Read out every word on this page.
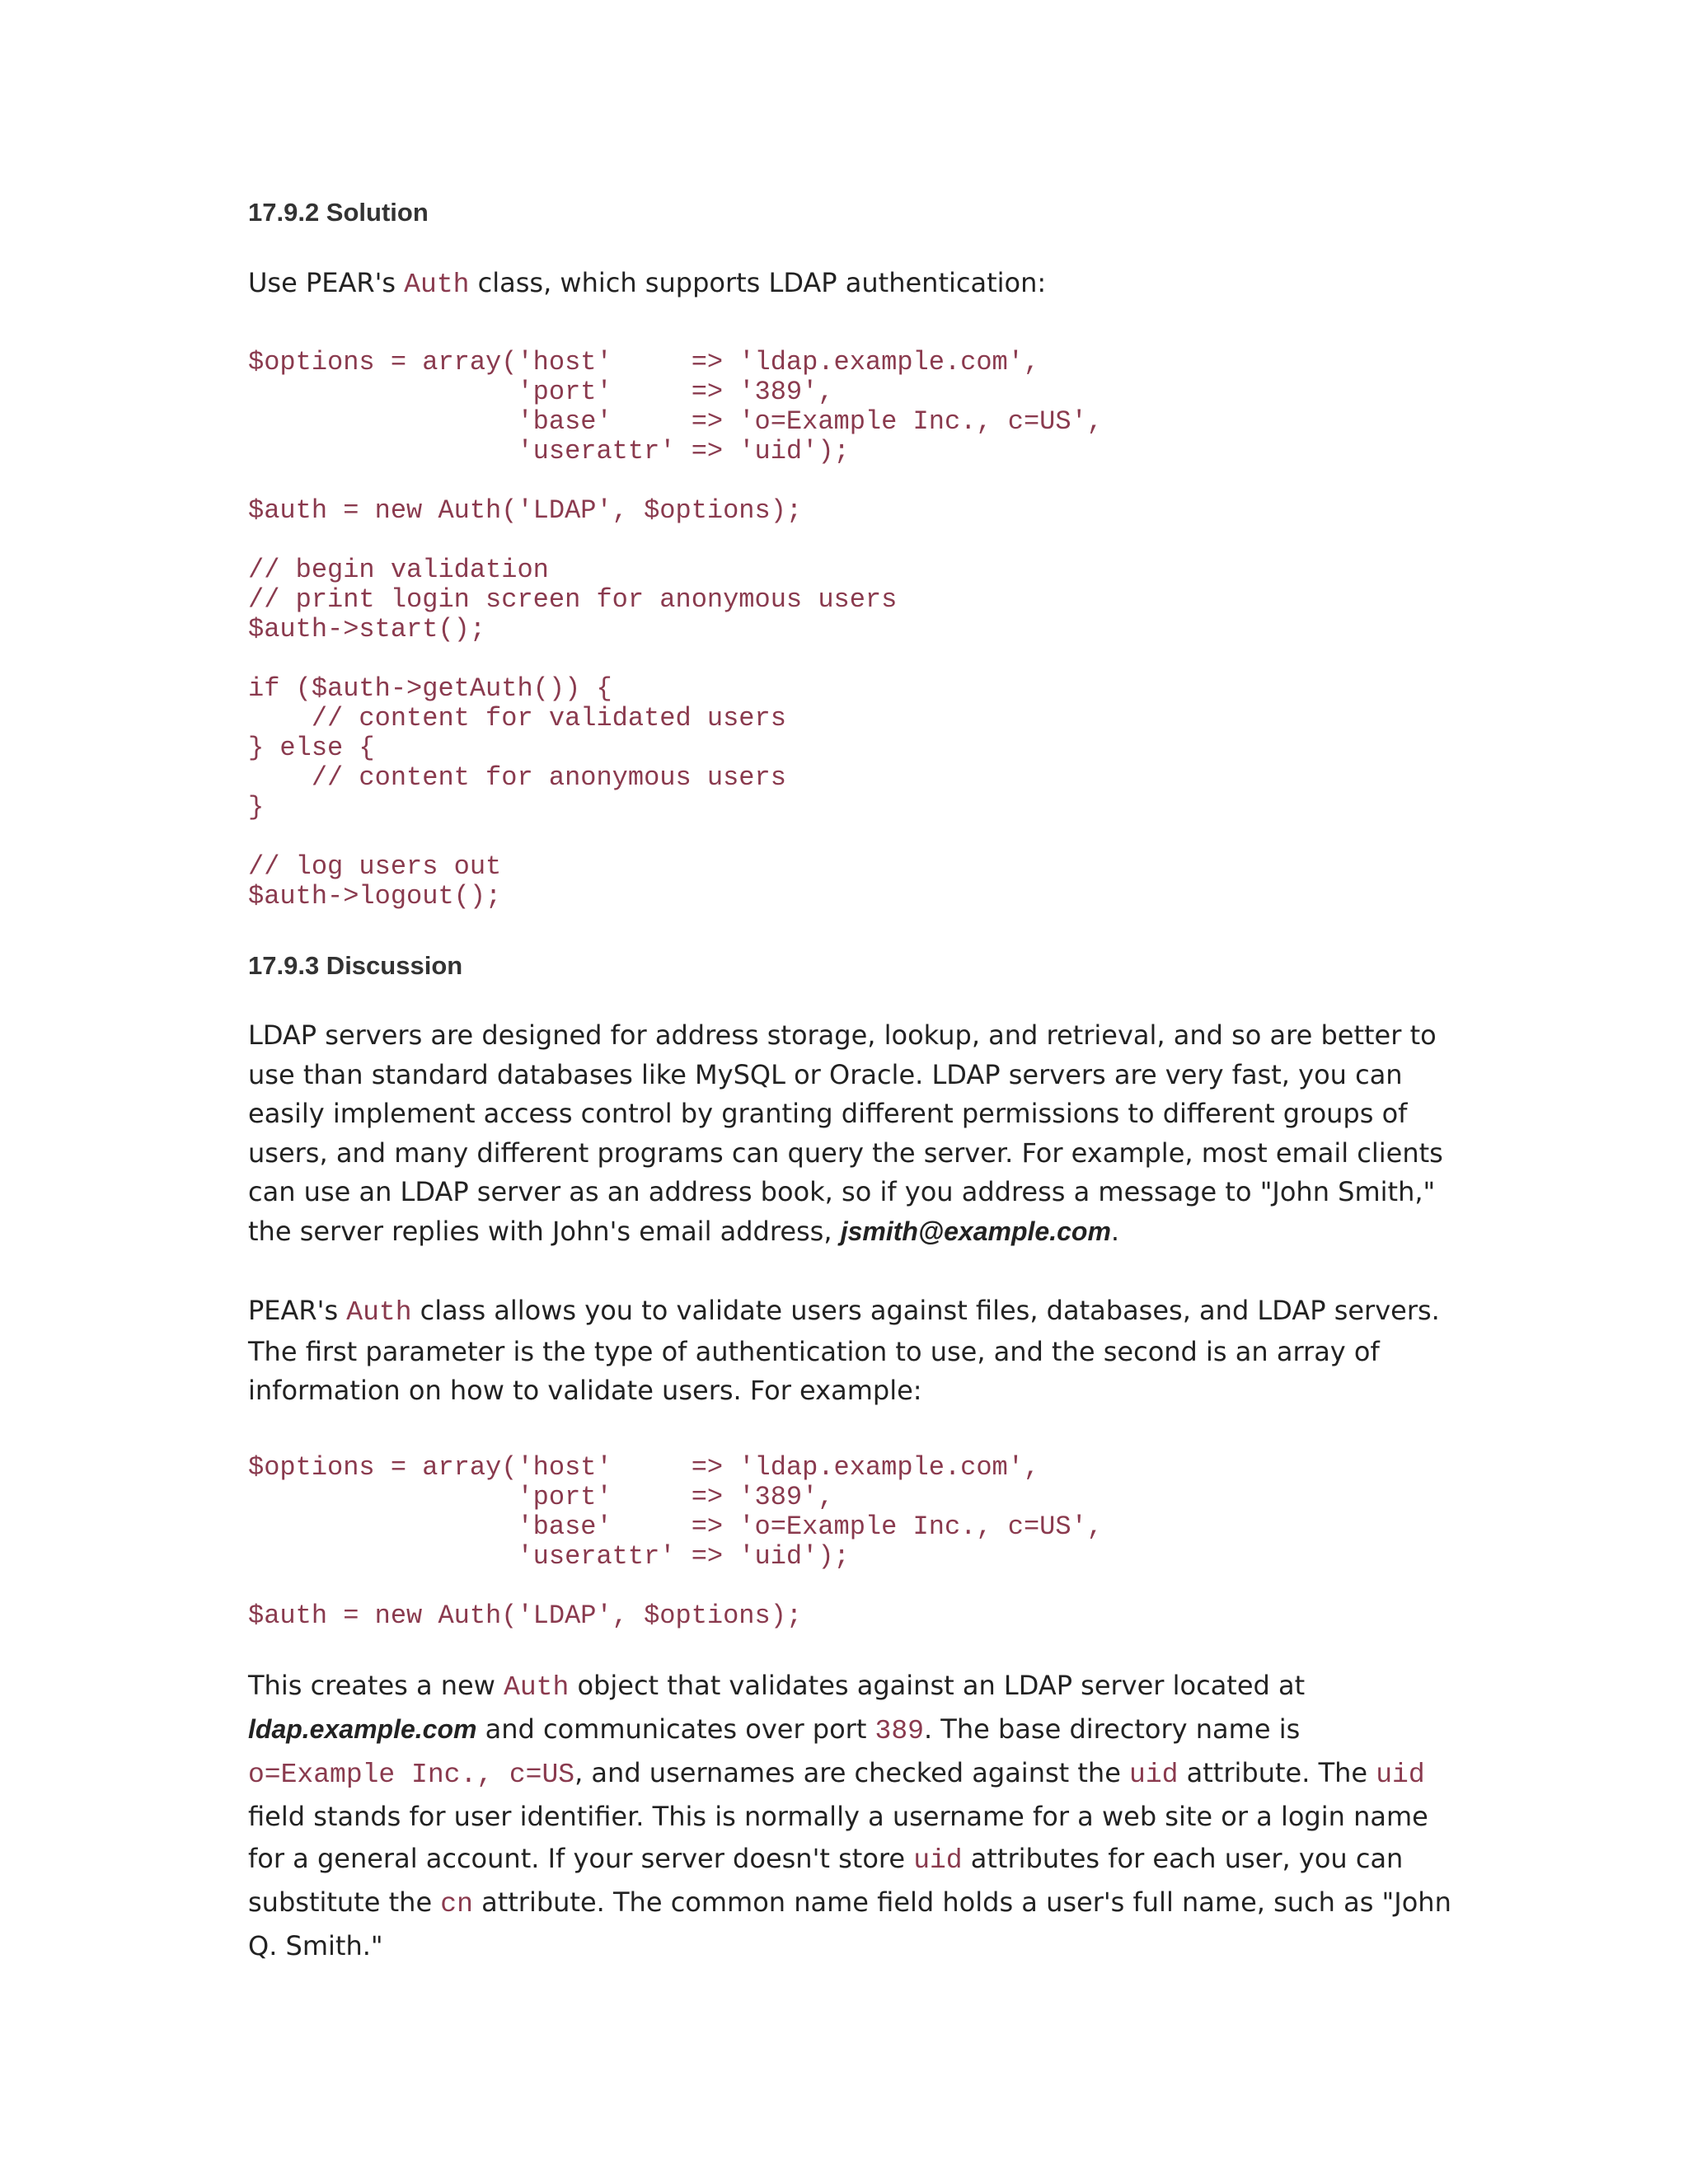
17.9.2 Solution
Use PEAR's Auth class, which supports LDAP authentication:
$options = array('host'     => 'ldap.example.com',
'port'     => '389',
'base'     => 'o=Example Inc., c=US',
'userattr' => 'uid');

$auth = new Auth('LDAP', $options);

// begin validation
// print login screen for anonymous users
$auth->start();

if ($auth->getAuth()) {
// content for validated users
} else {
// content for anonymous users
}

// log users out
$auth->logout();
17.9.3 Discussion
LDAP servers are designed for address storage, lookup, and retrieval, and so are better to use than standard databases like MySQL or Oracle. LDAP servers are very fast, you can easily implement access control by granting different permissions to different groups of users, and many different programs can query the server. For example, most email clients can use an LDAP server as an address book, so if you address a message to "John Smith," the server replies with John's email address, jsmith@example.com.
PEAR's Auth class allows you to validate users against files, databases, and LDAP servers. The first parameter is the type of authentication to use, and the second is an array of information on how to validate users. For example:
$options = array('host'     => 'ldap.example.com',
'port'     => '389',
'base'     => 'o=Example Inc., c=US',
'userattr' => 'uid');

$auth = new Auth('LDAP', $options);
This creates a new Auth object that validates against an LDAP server located at ldap.example.com and communicates over port 389. The base directory name is o=Example Inc., c=US, and usernames are checked against the uid attribute. The uid field stands for user identifier. This is normally a username for a web site or a login name for a general account. If your server doesn't store uid attributes for each user, you can substitute the cn attribute. The common name field holds a user's full name, such as "John Q. Smith."
